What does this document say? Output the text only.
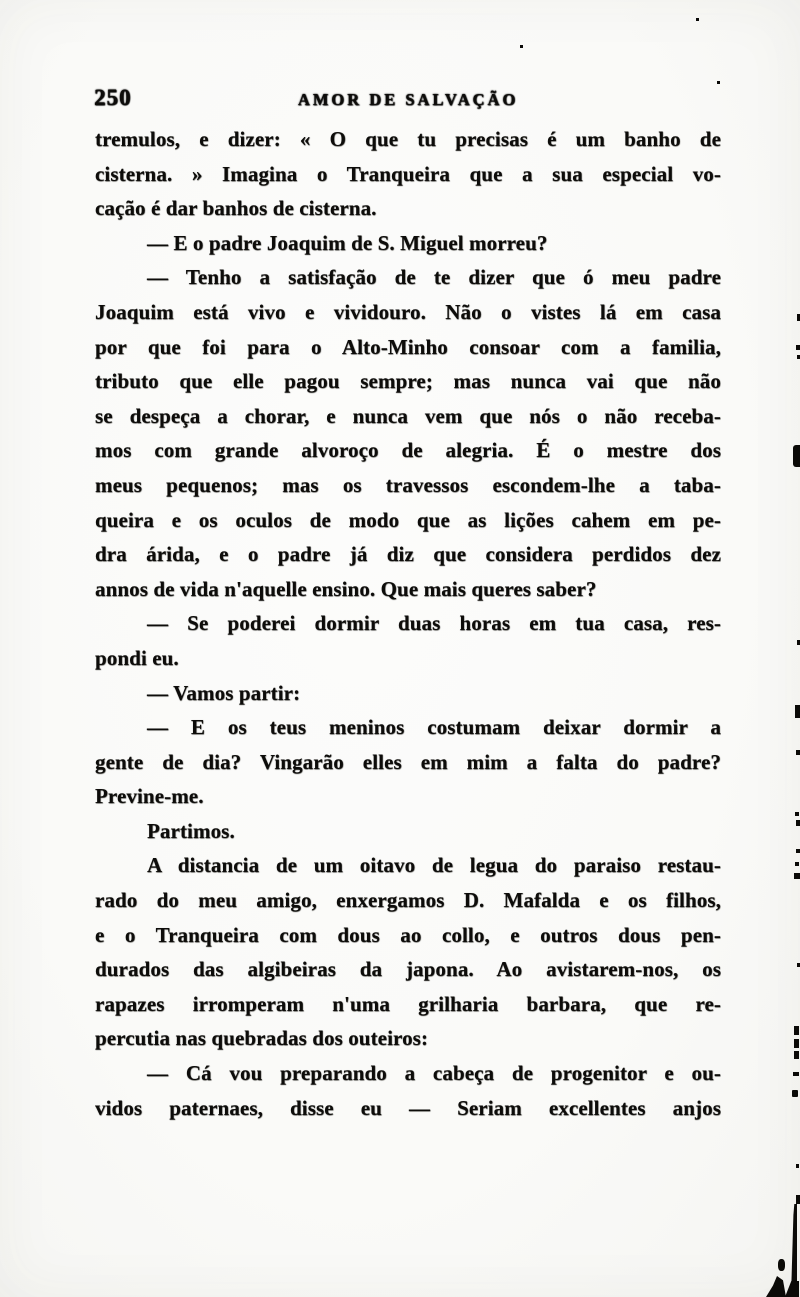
250	AMOR DE SALVAÇÃO
tremulos, e dizer: « O que tu precisas é um banho de
cisterna. » Imagina o Tranqueira que a sua especial vo-
cação é dar banhos de cisterna.
— E o padre Joaquim de S. Miguel morreu?
— Tenho a satisfação de te dizer que ó meu padre
Joaquim está vivo e vividouro. Não o vistes lá em casa
por que foi para o Alto-Minho consoar com a familia,
tributo que elle pagou sempre; mas nunca vai que não
se despeça a chorar, e nunca vem que nós o não receba-
mos com grande alvoroço de alegria. É o mestre dos
meus pequenos; mas os travessos escondem-lhe a taba-
queira e os oculos de modo que as lições cahem em pe-
dra árida, e o padre já diz que considera perdidos dez
annos de vida n'aquelle ensino. Que mais queres saber?
— Se poderei dormir duas horas em tua casa, res-
pondi eu.
— Vamos partir:
— E os teus meninos costumam deixar dormir a
gente de dia? Vingarão elles em mim a falta do padre?
Previne-me.
Partimos.
A distancia de um oitavo de legua do paraiso restau-
rado do meu amigo, enxergamos D. Mafalda e os filhos,
e o Tranqueira com dous ao collo, e outros dous pen-
durados das algibeiras da japona. Ao avistarem-nos, os
rapazes irromperam n'uma grilharia barbara, que re-
percutia nas quebradas dos outeiros:
— Cá vou preparando a cabeça de progenitor e ou-
vidos paternaes, disse eu — Seriam excellentes anjos
